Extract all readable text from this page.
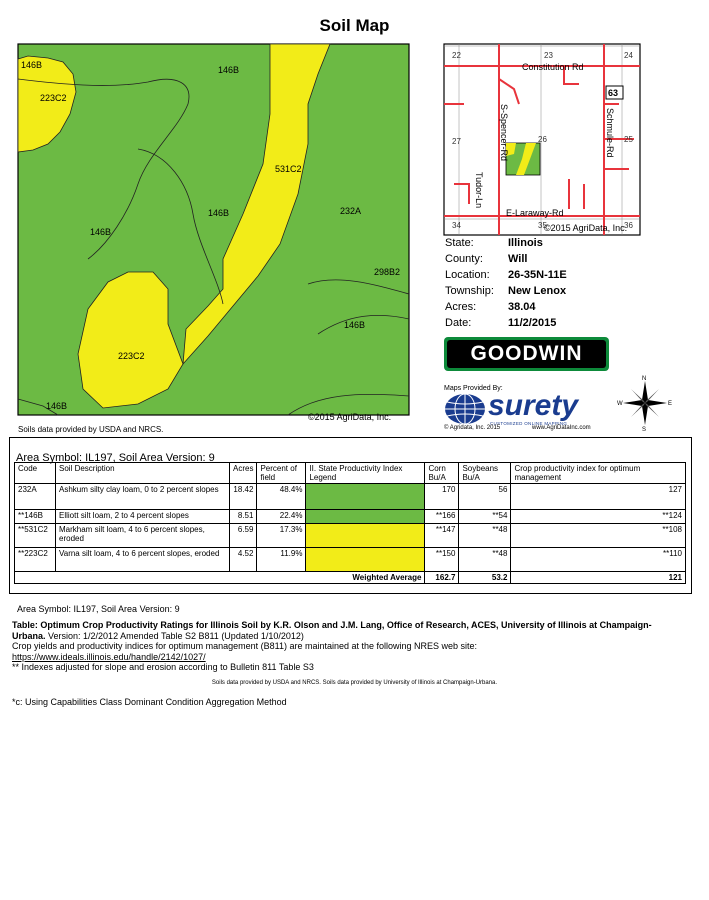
Soil Map
146B
223C2
146B
531C2
146B
146B
232A
298B2
146B
223C2
146B
©2015 AgriData, Inc.
Soils data provided by USDA and NRCS.
63
Constitution Rd
S-Spencer-Rd	Schmule-Rd
Tudor-Ln
E-Laraway-Rd
22	23	24
27	26	25
34	35	36
©2015 AgriData, Inc.
State:	Illinois
County: Will
Location: 26-35N-11E
Township: New Lenox
Acres:	38.04
Date:	11/2/2015
GOODWIN
Maps Provided By:
surety
CUSTOMIZED ONLINE MAPPING
© Agridata, Inc. 2015	www.AgriDataInc.com
N
S
W	E
Area Symbol: IL197, Soil Area Version: 9
Code	Soil Description	Acres	Percent of field	II. State Productivity Index Legend	Corn Bu/A	Soybeans Bu/A	Crop productivity index for optimum management
232A	Ashkum silty clay loam, 0 to 2 percent slopes	18.42	48.4%		170	56	127
**146B	Elliott silt loam, 2 to 4 percent slopes	8.51	22.4%		**166	**54	**124
**531C2	Markham silt loam, 4 to 6 percent slopes, eroded	6.59	17.3%		**147	**48	**108
**223C2	Varna silt loam, 4 to 6 percent slopes, eroded	4.52	11.9%		**150	**48	**110
Weighted Average					162.7	53.2	121
Area Symbol: IL197, Soil Area Version: 9
Table: Optimum Crop Productivity Ratings for Illinois Soil by K.R. Olson and J.M. Lang, Office of Research, ACES, University of Illinois at Champaign-Urbana. Version: 1/2/2012 Amended Table S2 B811 (Updated 1/10/2012)
Crop yields and productivity indices for optimum management (B811) are maintained at the following NRES web site:
https://www.ideals.illinois.edu/handle/2142/1027/
** Indexes adjusted for slope and erosion according to Bulletin 811 Table S3
Soils data provided by USDA and NRCS. Soils data provided by University of Illinois at Champaign-Urbana.
*c: Using Capabilities Class Dominant Condition Aggregation Method
